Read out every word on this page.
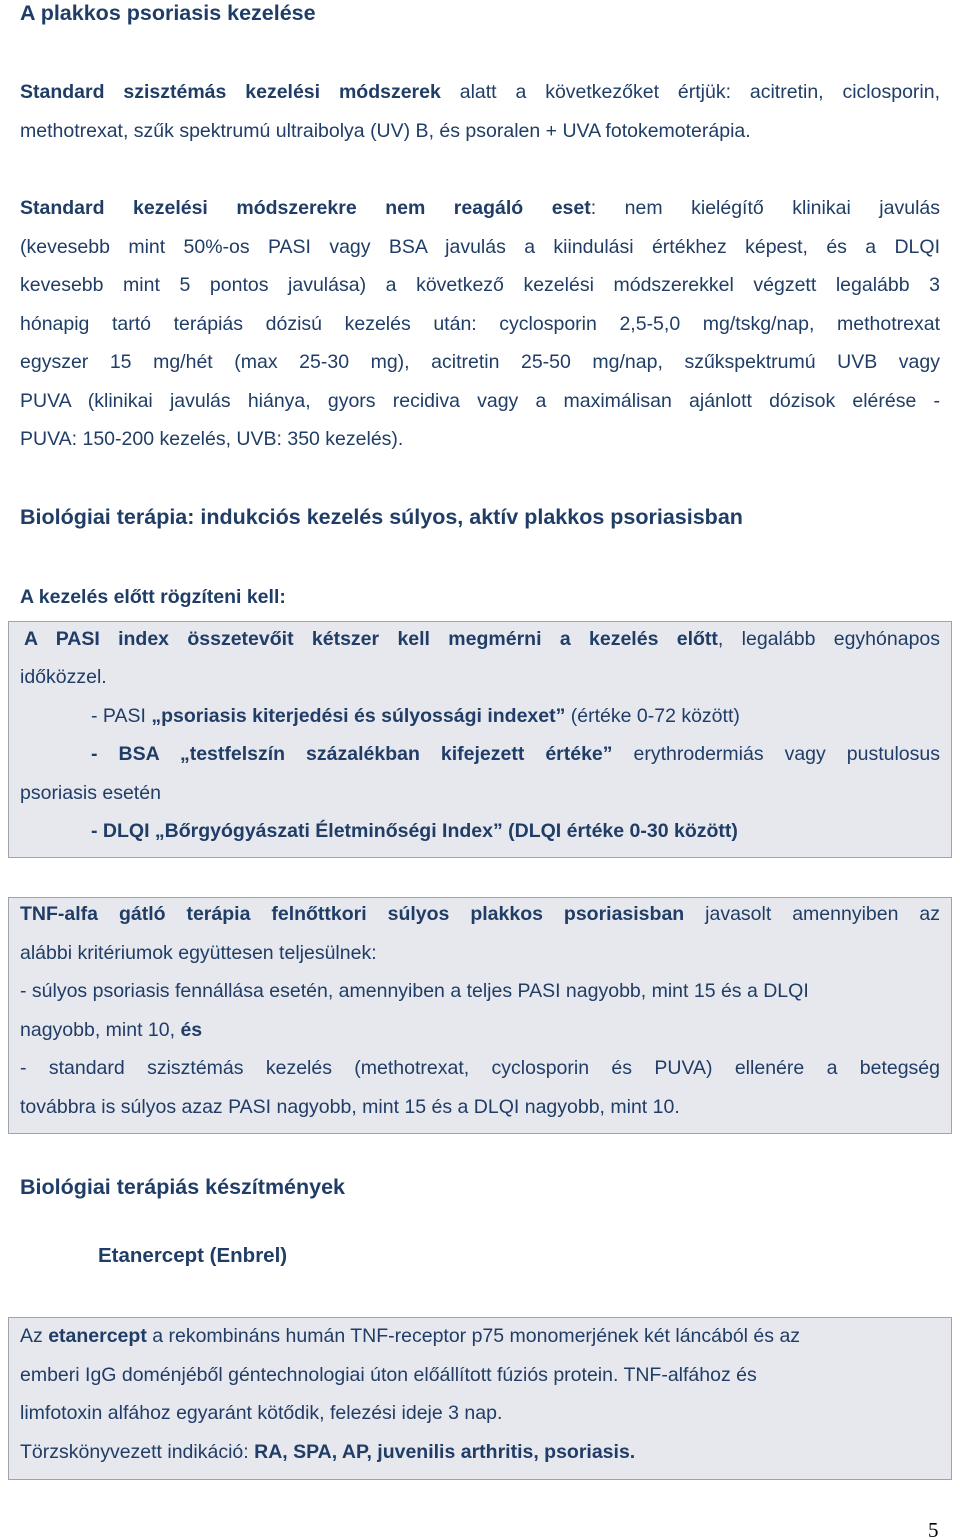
A plakkos psoriasis kezelése
Standard szisztémás kezelési módszerek alatt a következőket értjük: acitretin, ciclosporin,
methotrexat, szűk spektrumú ultraibolya (UV) B, és psoralen + UVA fotokemoterápia.
Standard kezelési módszerekre nem reagáló eset: nem kielégítő klinikai javulás
(kevesebb mint 50%-os PASI vagy BSA javulás a kiindulási értékhez képest, és a DLQI
kevesebb mint 5 pontos javulása) a következő kezelési módszerekkel végzett legalább 3
hónapig tartó terápiás dózisú kezelés után: cyclosporin 2,5-5,0 mg/tskg/nap, methotrexat
egyszer 15 mg/hét (max 25-30 mg), acitretin 25-50 mg/nap, szűkspektrumú UVB vagy
PUVA (klinikai javulás hiánya, gyors recidiva vagy a maximálisan ajánlott dózisok elérése -
PUVA: 150-200 kezelés, UVB: 350 kezelés).
Biológiai terápia: indukciós kezelés súlyos, aktív plakkos psoriasisban
A kezelés előtt rögzíteni kell:
A PASI index összetevőit kétszer kell megmérni a kezelés előtt, legalább egyhónapos
időközzel.
- PASI „psoriasis kiterjedési és súlyossági indexet” (értéke 0-72 között)
- BSA „testfelszín százalékban kifejezett értéke” erythrodermiás vagy pustulosus
psoriasis esetén
- DLQI „Bőrgyógyászati Életminőségi Index” (DLQI értéke 0-30 között)
TNF-alfa gátló terápia felnőttkori súlyos plakkos psoriasisban javasolt amennyiben az
alábbi kritériumok együttesen teljesülnek:
- súlyos psoriasis fennállása esetén, amennyiben a teljes PASI nagyobb, mint 15 és a DLQI
nagyobb, mint 10, és
- standard szisztémás kezelés (methotrexat, cyclosporin és PUVA) ellenére a betegség
továbbra is súlyos azaz PASI nagyobb, mint 15 és a DLQI nagyobb, mint 10.
Biológiai terápiás készítmények
Etanercept (Enbrel)
Az etanercept a rekombináns humán TNF-receptor p75 monomerjének két láncából és az
emberi IgG doménjéből géntechnologiai úton előállított fúziós protein. TNF-alfához és
limfotoxin alfához egyaránt kötődik, felezési ideje 3 nap.
Törzskönyvezett indikáció: RA, SPA, AP, juvenilis arthritis, psoriasis.
5
